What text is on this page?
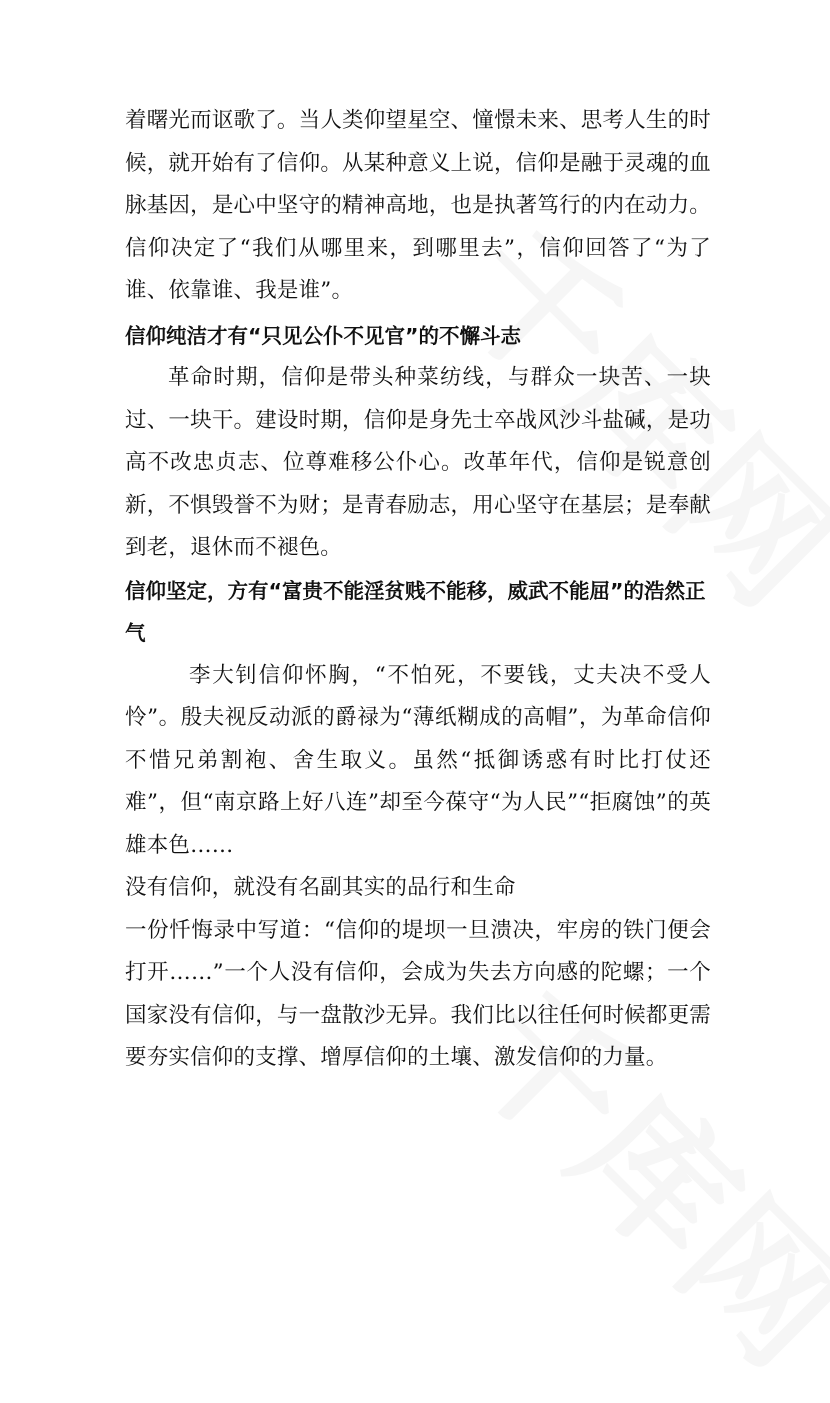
着曙光而讴歌了。当人类仰望星空、憧憬未来、思考人生的时候，就开始有了信仰。从某种意义上说，信仰是融于灵魂的血脉基因，是心中坚守的精神高地，也是执著笃行的内在动力。信仰决定了“我们从哪里来，到哪里去”，信仰回答了“为了谁、依靠谁、我是谁”。

信仰纯洁才有“只见公仆不见官”的不懈斗志

革命时期，信仰是带头种菜纺线，与群众一块苦、一块过、一块干。建设时期，信仰是身先士卒战风沙斗盐碱，是功高不改忠贞志、位尊难移公仆心。改革年代，信仰是锐意创新，不惧毁誉不为财；是青春励志，用心坚守在基层；是奉献到老，退休而不褪色。

信仰坚定，方有“富贵不能淫贫贱不能移，威武不能屈”的浩然正气

李大钊信仰怀胸，“不怕死，不要钱，丈夫决不受人怜”。殷夫视反动派的爵禄为“薄纸糊成的高帽”，为革命信仰不惜兄弟割袍、舍生取义。虽然“抵御诱惑有时比打仗还难”，但“南京路上好八连”却至今葆守“为人民”“拒腐蚀”的英雄本色……

没有信仰，就没有名副其实的品行和生命

一份忏悔录中写道：“信仰的堤坝一旦溃决，牢房的铁门便会打开……”一个人没有信仰，会成为失去方向感的陀螺；一个国家没有信仰，与一盘散沙无异。我们比以往任何时候都更需要夯实信仰的支撑、增厚信仰的土壤、激发信仰的力量。
